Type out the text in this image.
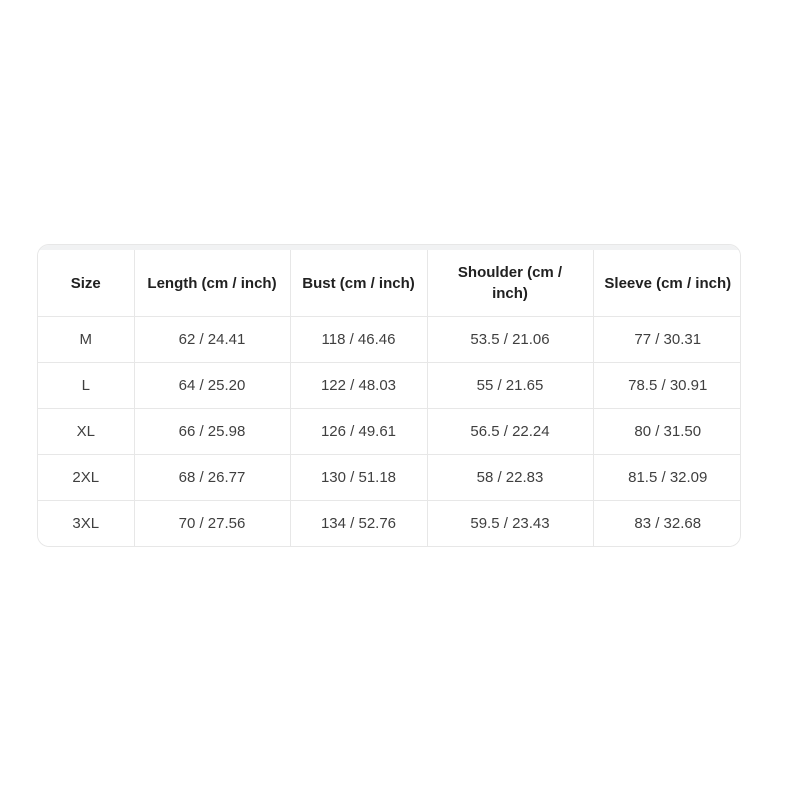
Size	Length (cm / inch)	Bust (cm / inch)	Shoulder (cm / inch)	Sleeve (cm / inch)
M	62 / 24.41	118 / 46.46	53.5 / 21.06	77 / 30.31
L	64 / 25.20	122 / 48.03	55 / 21.65	78.5 / 30.91
XL	66 / 25.98	126 / 49.61	56.5 / 22.24	80 / 31.50
2XL	68 / 26.77	130 / 51.18	58 / 22.83	81.5 / 32.09
3XL	70 / 27.56	134 / 52.76	59.5 / 23.43	83 / 32.68
